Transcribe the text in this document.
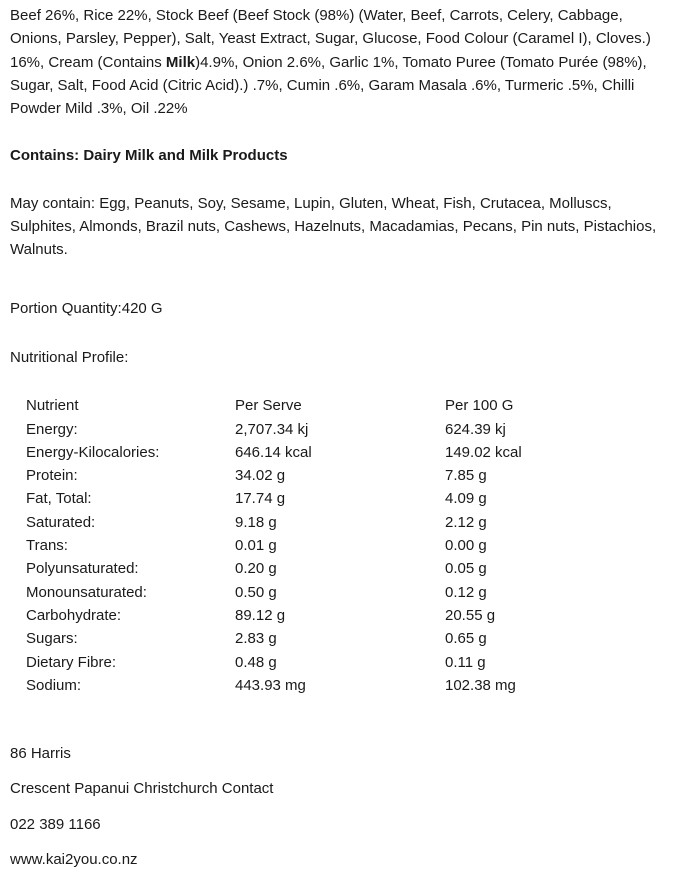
Beef 26%, Rice 22%, Stock Beef (Beef Stock (98%) (Water, Beef, Carrots, Celery, Cabbage, Onions, Parsley, Pepper), Salt, Yeast Extract, Sugar, Glucose, Food Colour (Caramel I), Cloves.) 16%, Cream (Contains Milk)4.9%, Onion 2.6%, Garlic 1%, Tomato Puree (Tomato Purée (98%), Sugar, Salt, Food Acid (Citric Acid).) .7%, Cumin .6%, Garam Masala .6%, Turmeric .5%, Chilli Powder Mild .3%, Oil .22%

Contains: Dairy Milk and Milk Products

May contain: Egg, Peanuts, Soy, Sesame, Lupin, Gluten, Wheat, Fish, Crutacea, Molluscs, Sulphites, Almonds, Brazil nuts, Cashews, Hazelnuts, Macadamias, Pecans, Pin nuts, Pistachios, Walnuts.

Portion Quantity:420 G

Nutritional Profile:

Nutrient	Per Serve	Per 100 G
Energy:	2,707.34 kj	624.39 kj
Energy-Kilocalories:	646.14 kcal	149.02 kcal
Protein:	34.02 g	7.85 g
Fat, Total:	17.74 g	4.09 g
Saturated:	9.18 g	2.12 g
Trans:	0.01 g	0.00 g
Polyunsaturated:	0.20 g	0.05 g
Monounsaturated:	0.50 g	0.12 g
Carbohydrate:	89.12 g	20.55 g
Sugars:	2.83 g	0.65 g
Dietary Fibre:	0.48 g	0.11 g
Sodium:	443.93 mg	102.38 mg

86 Harris

Crescent Papanui Christchurch Contact

022 389 1166

www.kai2you.co.nz
